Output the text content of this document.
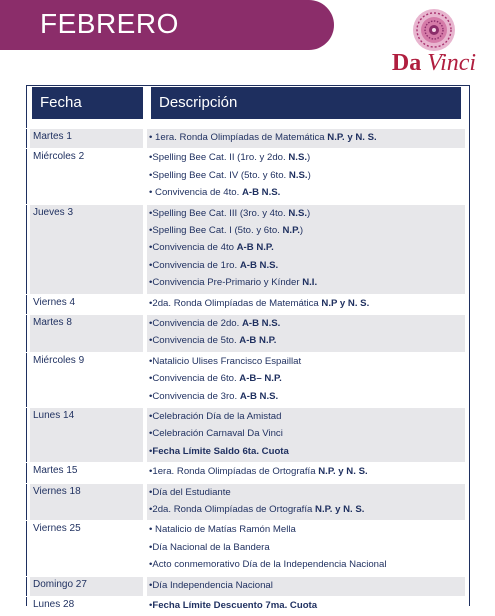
FEBRERO
Da Vinci
Fecha	Descripción
Martes 1	• 1era. Ronda Olimpíadas de Matemática N.P. y N. S.
Miércoles 2	•Spelling Bee Cat. II (1ro. y 2do. N.S.)
•Spelling Bee Cat. IV (5to. y 6to. N.S.)
• Convivencia de 4to. A-B N.S.
Jueves 3	•Spelling Bee Cat. III (3ro. y 4to. N.S.)
•Spelling Bee Cat. I (5to. y 6to. N.P.)
•Convivencia de 4to A-B N.P.
•Convivencia de 1ro. A-B N.S.
•Convivencia Pre-Primario y Kínder N.I.
Viernes 4	•2da. Ronda Olimpíadas de Matemática N.P y N. S.
Martes 8	•Convivencia de 2do. A-B N.S.
•Convivencia de 5to. A-B N.P.
Miércoles 9	•Natalicio Ulises Francisco Espaillat
•Convivencia de 6to. A-B– N.P.
•Convivencia de 3ro. A-B N.S.
Lunes 14	•Celebración Día de la Amistad
•Celebración Carnaval Da Vinci
•Fecha Límite Saldo 6ta. Cuota
Martes 15	•1era. Ronda Olimpíadas de Ortografía N.P. y N. S.
Viernes 18	•Día del Estudiante
•2da. Ronda Olimpíadas de Ortografía N.P. y N. S.
Viernes 25	• Natalicio de Matías Ramón Mella
•Día Nacional de la Bandera
•Acto conmemorativo Día de la Independencia Nacional
Domingo 27	•Día Independencia Nacional
Lunes 28	•Fecha Límite Descuento 7ma. Cuota
